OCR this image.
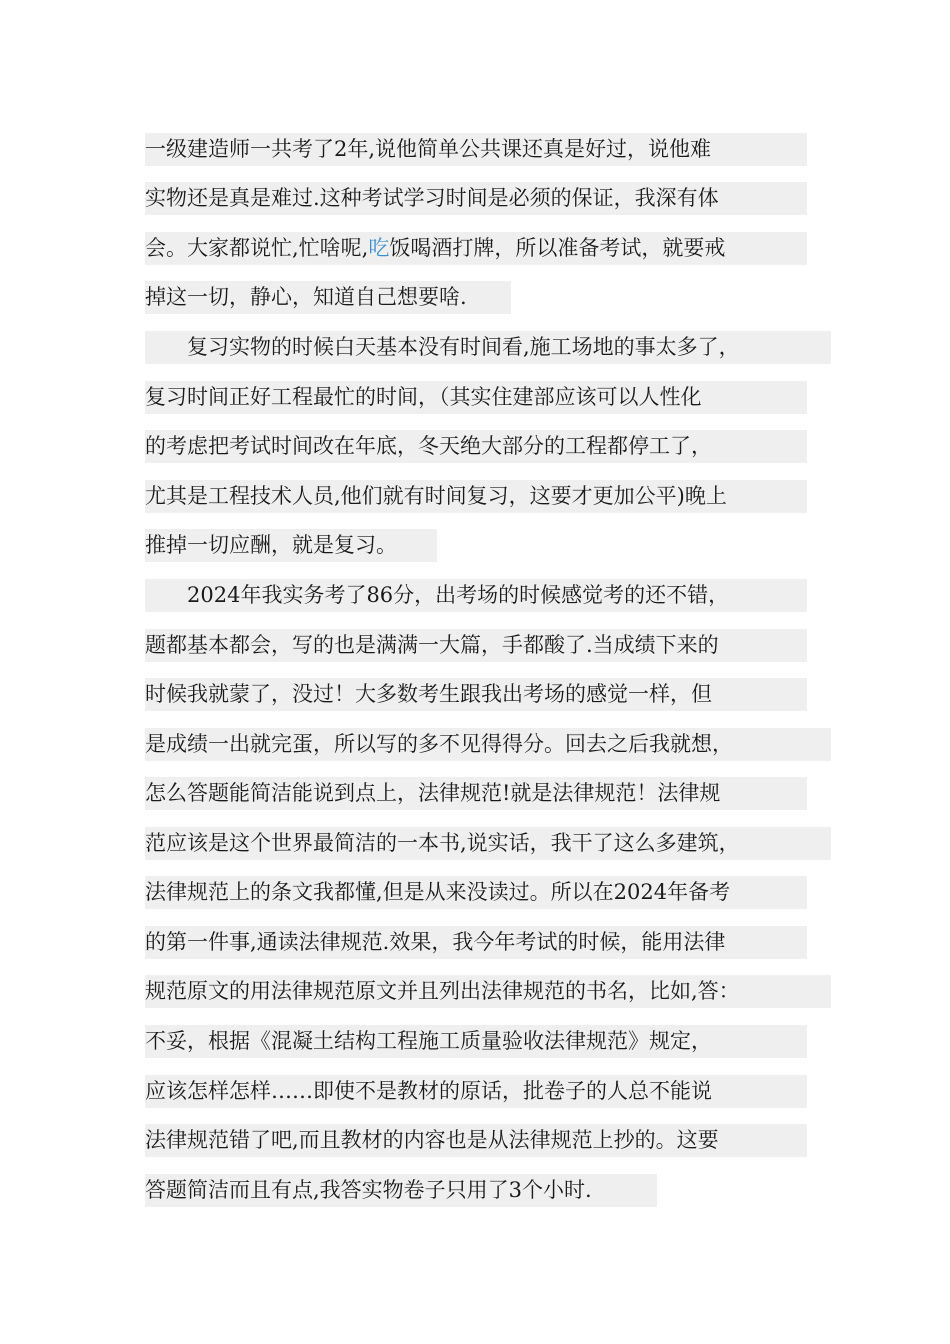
一级建造师一共考了2年,说他简单公共课还真是好过，说他难
实物还是真是难过.这种考试学习时间是必须的保证，我深有体
会。大家都说忙,忙啥呢,吃饭喝酒打牌，所以准备考试，就要戒
掉这一切，静心，知道自己想要啥.
　　复习实物的时候白天基本没有时间看,施工场地的事太多了，
复习时间正好工程最忙的时间，（其实住建部应该可以人性化
的考虑把考试时间改在年底，冬天绝大部分的工程都停工了，
尤其是工程技术人员,他们就有时间复习，这要才更加公平)晚上
推掉一切应酬，就是复习。
　　2024年我实务考了86分，出考场的时候感觉考的还不错，
题都基本都会，写的也是满满一大篇，手都酸了.当成绩下来的
时候我就蒙了，没过！大多数考生跟我出考场的感觉一样，但
是成绩一出就完蛋，所以写的多不见得得分。回去之后我就想，
怎么答题能简洁能说到点上，法律规范!就是法律规范！法律规
范应该是这个世界最简洁的一本书,说实话，我干了这么多建筑，
法律规范上的条文我都懂,但是从来没读过。所以在2024年备考
的第一件事,通读法律规范.效果，我今年考试的时候，能用法律
规范原文的用法律规范原文并且列出法律规范的书名，比如,答：
不妥，根据《混凝土结构工程施工质量验收法律规范》规定，
应该怎样怎样……即使不是教材的原话，批卷子的人总不能说
法律规范错了吧,而且教材的内容也是从法律规范上抄的。这要
答题简洁而且有点,我答实物卷子只用了3个小时.
